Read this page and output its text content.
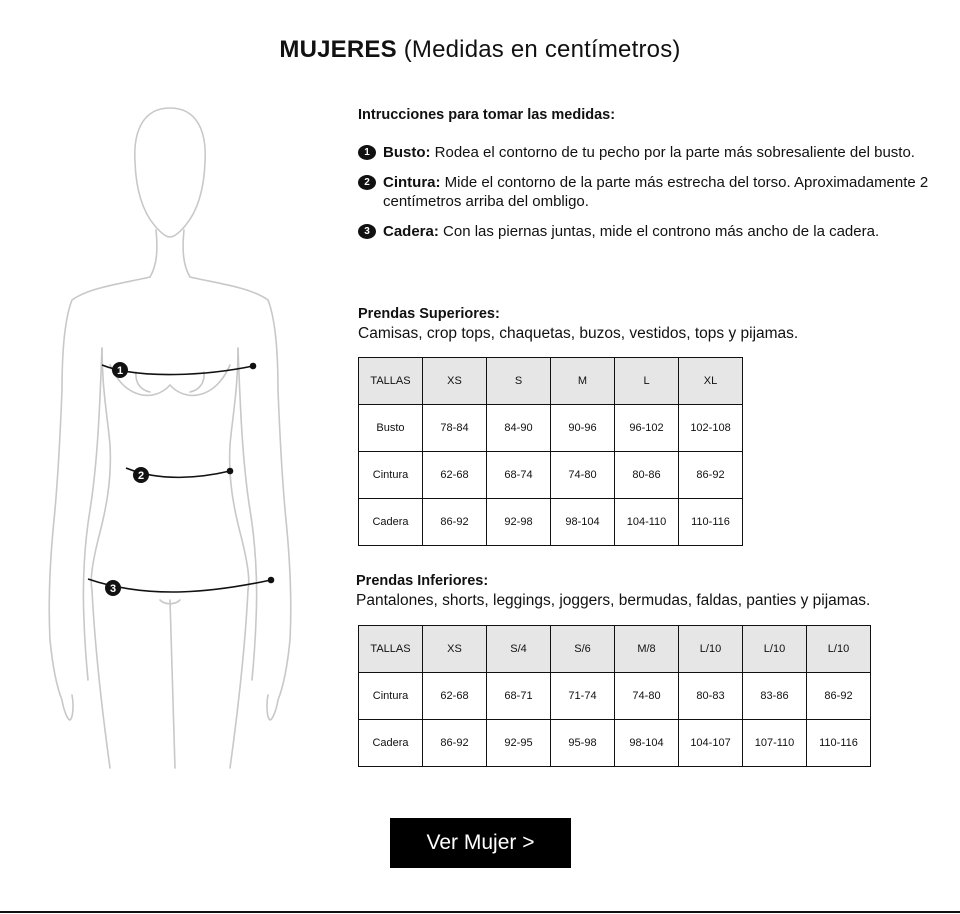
MUJERES (Medidas en centímetros)
1
2
3
Intrucciones para tomar las medidas:
1 Busto: Rodea el contorno de tu pecho por la parte más sobresaliente del busto.
2 Cintura: Mide el contorno de la parte más estrecha del torso. Aproximadamente 2 centímetros arriba del ombligo.
3 Cadera: Con las piernas juntas, mide el controno más ancho de la cadera.
Prendas Superiores:
Camisas, crop tops, chaquetas, buzos, vestidos, tops y pijamas.
TALLAS	XS	S	M	L	XL
Busto	78-84	84-90	90-96	96-102	102-108
Cintura	62-68	68-74	74-80	80-86	86-92
Cadera	86-92	92-98	98-104	104-110	110-116
Prendas Inferiores:
Pantalones, shorts, leggings, joggers, bermudas, faldas, panties y pijamas.
TALLAS	XS	S/4	S/6	M/8	L/10	L/10	L/10
Cintura	62-68	68-71	71-74	74-80	80-83	83-86	86-92
Cadera	86-92	92-95	95-98	98-104	104-107	107-110	110-116
Ver Mujer >
